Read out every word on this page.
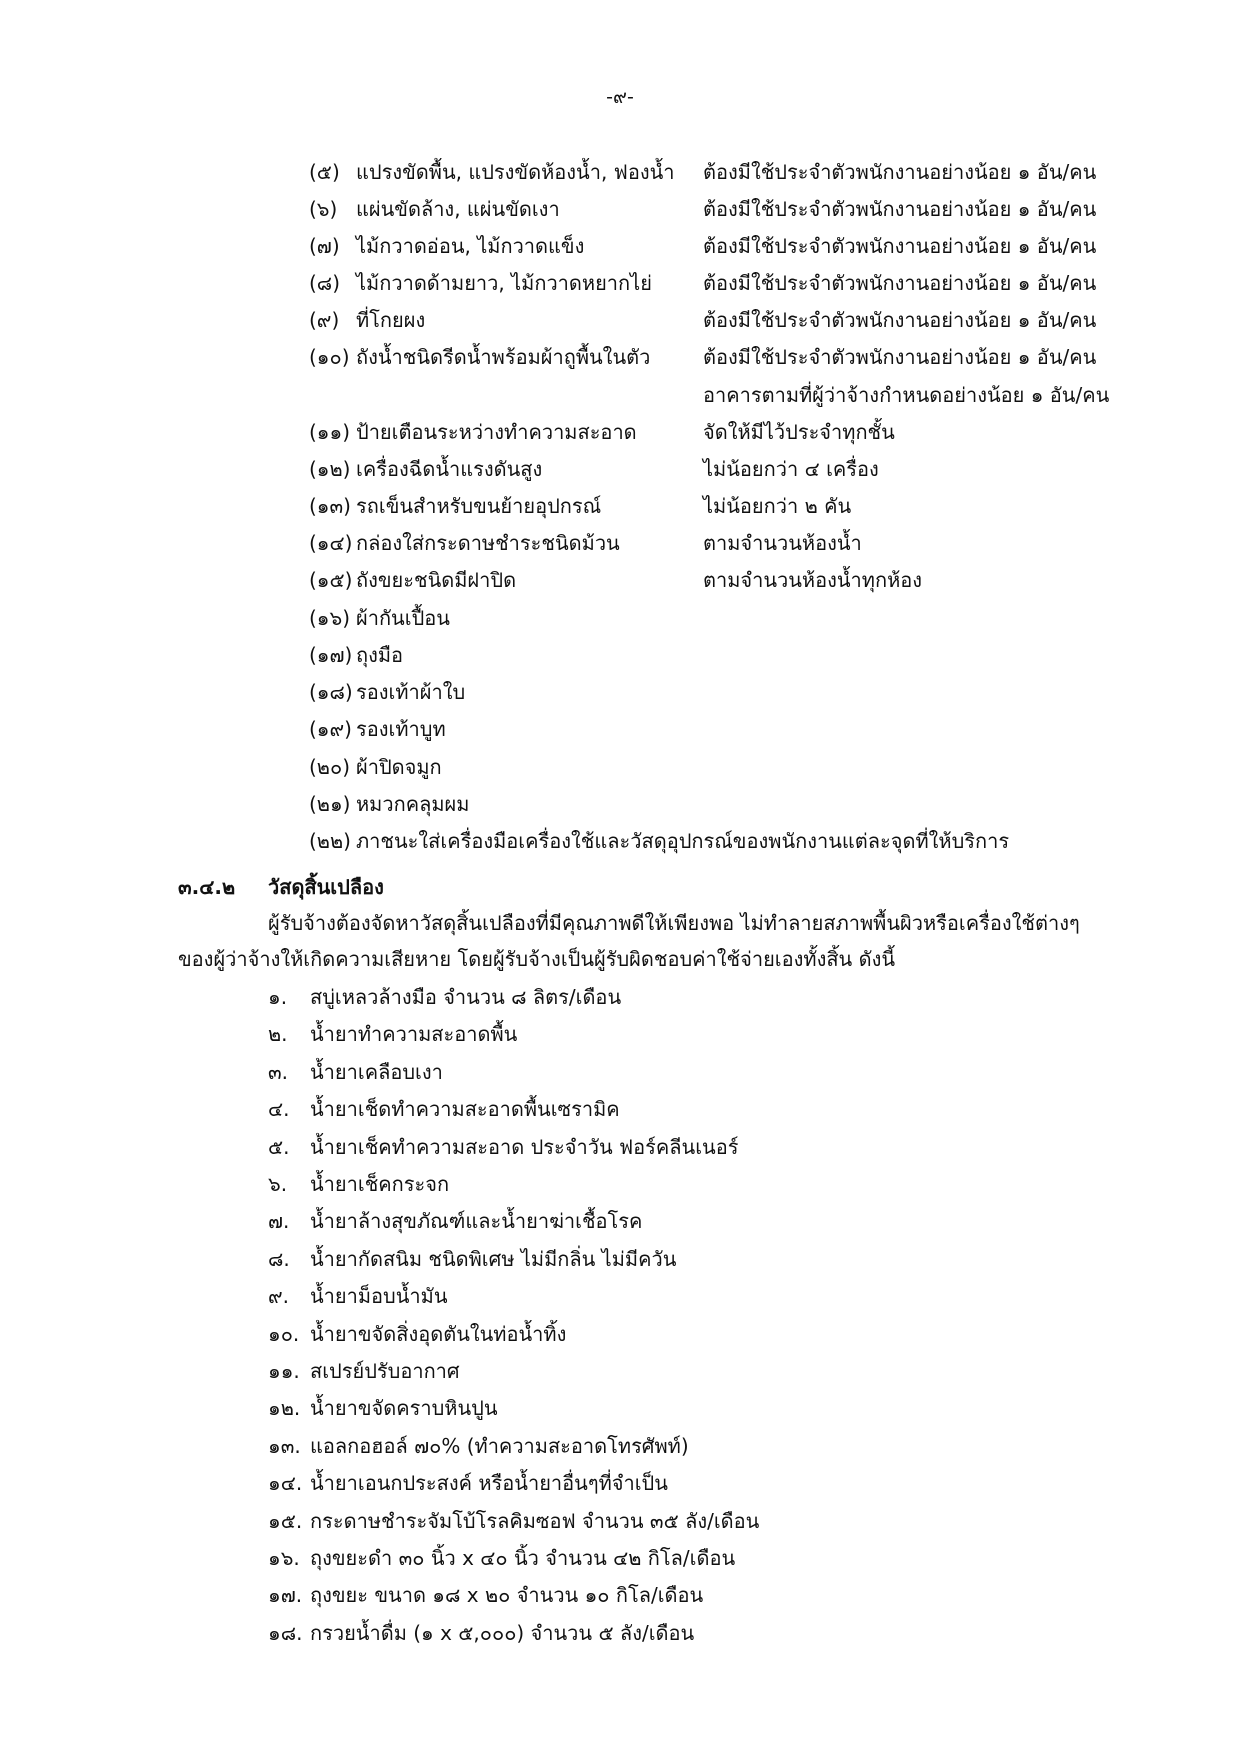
-๙-
(๕) แปรงขัดพื้น, แปรงขัดห้องน้ำ, ฟองน้ำ ต้องมีใช้ประจำตัวพนักงานอย่างน้อย ๑ อัน/คน
(๖) แผ่นขัดล้าง, แผ่นขัดเงา	ต้องมีใช้ประจำตัวพนักงานอย่างน้อย ๑ อัน/คน
(๗) ไม้กวาดอ่อน, ไม้กวาดแข็ง	ต้องมีใช้ประจำตัวพนักงานอย่างน้อย ๑ อัน/คน
(๘) ไม้กวาดด้ามยาว, ไม้กวาดหยากไย่	ต้องมีใช้ประจำตัวพนักงานอย่างน้อย ๑ อัน/คน
(๙) ที่โกยผง	ต้องมีใช้ประจำตัวพนักงานอย่างน้อย ๑ อัน/คน
(๑๐) ถังน้ำชนิดรีดน้ำพร้อมผ้าถูพื้นในตัว	ต้องมีใช้ประจำตัวพนักงานอย่างน้อย ๑ อัน/คน
อาคารตามที่ผู้ว่าจ้างกำหนดอย่างน้อย ๑ อัน/คน
(๑๑) ป้ายเตือนระหว่างทำความสะอาด	จัดให้มีไว้ประจำทุกชั้น
(๑๒) เครื่องฉีดน้ำแรงดันสูง	ไม่น้อยกว่า ๔ เครื่อง
(๑๓) รถเข็นสำหรับขนย้ายอุปกรณ์	ไม่น้อยกว่า ๒ คัน
(๑๔) กล่องใส่กระดาษชำระชนิดม้วน	ตามจำนวนห้องน้ำ
(๑๕) ถังขยะชนิดมีฝาปิด	ตามจำนวนห้องน้ำทุกห้อง
(๑๖) ผ้ากันเปื้อน
(๑๗) ถุงมือ
(๑๘) รองเท้าผ้าใบ
(๑๙) รองเท้าบูท
(๒๐) ผ้าปิดจมูก
(๒๑) หมวกคลุมผม
(๒๒) ภาชนะใส่เครื่องมือเครื่องใช้และวัสดุอุปกรณ์ของพนักงานแต่ละจุดที่ให้บริการ
๓.๔.๒ วัสดุสิ้นเปลือง
ผู้รับจ้างต้องจัดหาวัสดุสิ้นเปลืองที่มีคุณภาพดีให้เพียงพอ ไม่ทำลายสภาพพื้นผิวหรือเครื่องใช้ต่างๆ
ของผู้ว่าจ้างให้เกิดความเสียหาย โดยผู้รับจ้างเป็นผู้รับผิดชอบค่าใช้จ่ายเองทั้งสิ้น ดังนี้
๑. สบู่เหลวล้างมือ จำนวน ๘ ลิตร/เดือน
๒. น้ำยาทำความสะอาดพื้น
๓. น้ำยาเคลือบเงา
๔. น้ำยาเช็ดทำความสะอาดพื้นเซรามิค
๕. น้ำยาเช็คทำความสะอาด ประจำวัน ฟอร์คลีนเนอร์
๖. น้ำยาเช็คกระจก
๗. น้ำยาล้างสุขภัณฑ์และน้ำยาฆ่าเชื้อโรค
๘. น้ำยากัดสนิม ชนิดพิเศษ ไม่มีกลิ่น ไม่มีควัน
๙. น้ำยาม็อบน้ำมัน
๑๐. น้ำยาขจัดสิ่งอุดตันในท่อน้ำทิ้ง
๑๑. สเปรย์ปรับอากาศ
๑๒. น้ำยาขจัดคราบหินปูน
๑๓. แอลกอฮอล์ ๗๐% (ทำความสะอาดโทรศัพท์)
๑๔. น้ำยาเอนกประสงค์ หรือน้ำยาอื่นๆที่จำเป็น
๑๕. กระดาษชำระจัมโบ้โรลคิมซอฟ จำนวน ๓๕ ลัง/เดือน
๑๖. ถุงขยะดำ ๓๐ นิ้ว x ๔๐ นิ้ว จำนวน ๔๒ กิโล/เดือน
๑๗. ถุงขยะ ขนาด ๑๘ x ๒๐ จำนวน ๑๐ กิโล/เดือน
๑๘. กรวยน้ำดื่ม (๑ x ๕,๐๐๐) จำนวน ๕ ลัง/เดือน
